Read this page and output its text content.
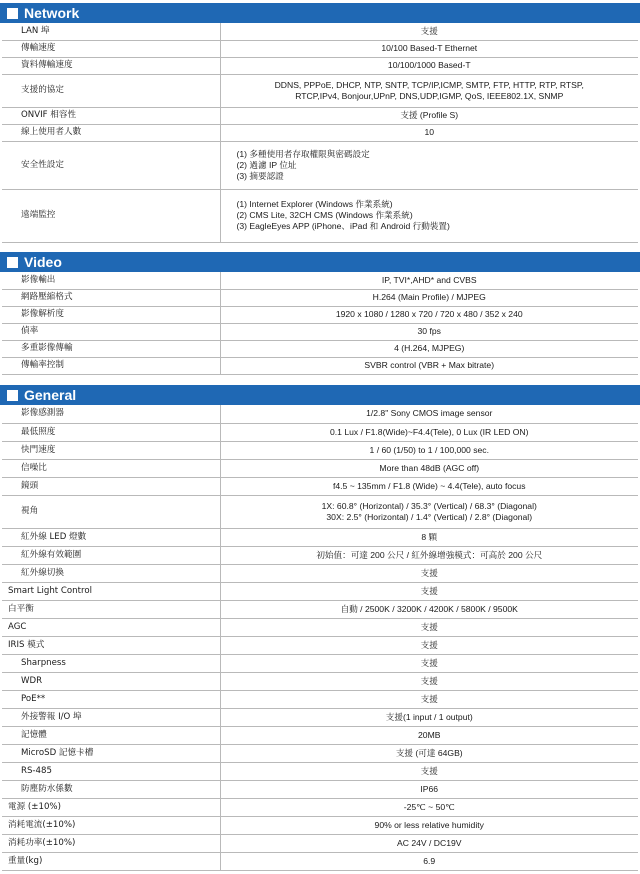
Network
LAN 埠	支援

傳輸速度	10/100 Based-T Ethernet

資料傳輸速度	10/100/1000 Based-T

支援的協定	DDNS, PPPoE, DHCP, NTP, SNTP, TCP/IP,ICMP, SMTP, FTP, HTTP, RTP, RTSP,
RTCP,IPv4, Bonjour,UPnP, DNS,UDP,IGMP, QoS, IEEE802.1X, SNMP

ONVIF 相容性	支援 (Profile S)

線上使用者人數	10

安全性設定	(1) 多種使用者存取權限與密碼設定
(2) 過濾 IP 位址
(3) 摘要認證

遠端監控	(1) Internet Explorer (Windows 作業系統)
(2) CMS Lite, 32CH CMS (Windows 作業系統)
(3) EagleEyes APP (iPhone、iPad 和 Android 行動裝置)
Video
影像輸出	IP, TVI*,AHD* and CVBS

網路壓縮格式	H.264 (Main Profile) / MJPEG

影像解析度	1920 x 1080 / 1280 x 720 / 720 x 480 / 352 x 240

偵率	30 fps

多重影像傳輸	4 (H.264, MJPEG)

傳輸率控制	SVBR control (VBR + Max bitrate)
General
影像感測器	1/2.8" Sony CMOS image sensor

最低照度	0.1 Lux / F1.8(Wide)~F4.4(Tele), 0 Lux (IR LED ON)

快門速度	1 / 60 (1/50) to 1 / 100,000 sec.

信噪比	More than 48dB (AGC off)

鏡頭	f4.5 ~ 135mm / F1.8 (Wide) ~ 4.4(Tele), auto focus

視角	1X: 60.8° (Horizontal) / 35.3° (Vertical) / 68.3° (Diagonal)
30X: 2.5° (Horizontal) / 1.4° (Vertical) / 2.8° (Diagonal)

紅外線 LED 燈數	8 顆

紅外線有效範圍	初始值：可達 200 公尺 / 紅外線增強模式：可高於 200 公尺

紅外線切換	支援

Smart Light Control	支援

白平衡	自動 / 2500K / 3200K / 4200K / 5800K / 9500K

AGC	支援

IRIS 模式	支援

Sharpness	支援

WDR	支援

PoE**	支援

外接警報 I/O 埠	支援(1 input / 1 output)

記憶體	20MB

MicroSD 記憶卡槽	支援 (可達 64GB)

RS-485	支援

防塵防水係數	IP66

電源 (±10%)	-25℃ ~ 50℃

消耗電流(±10%)	90% or less relative humidity

消耗功率(±10%)	AC 24V / DC19V

重量(kg)	6.9
